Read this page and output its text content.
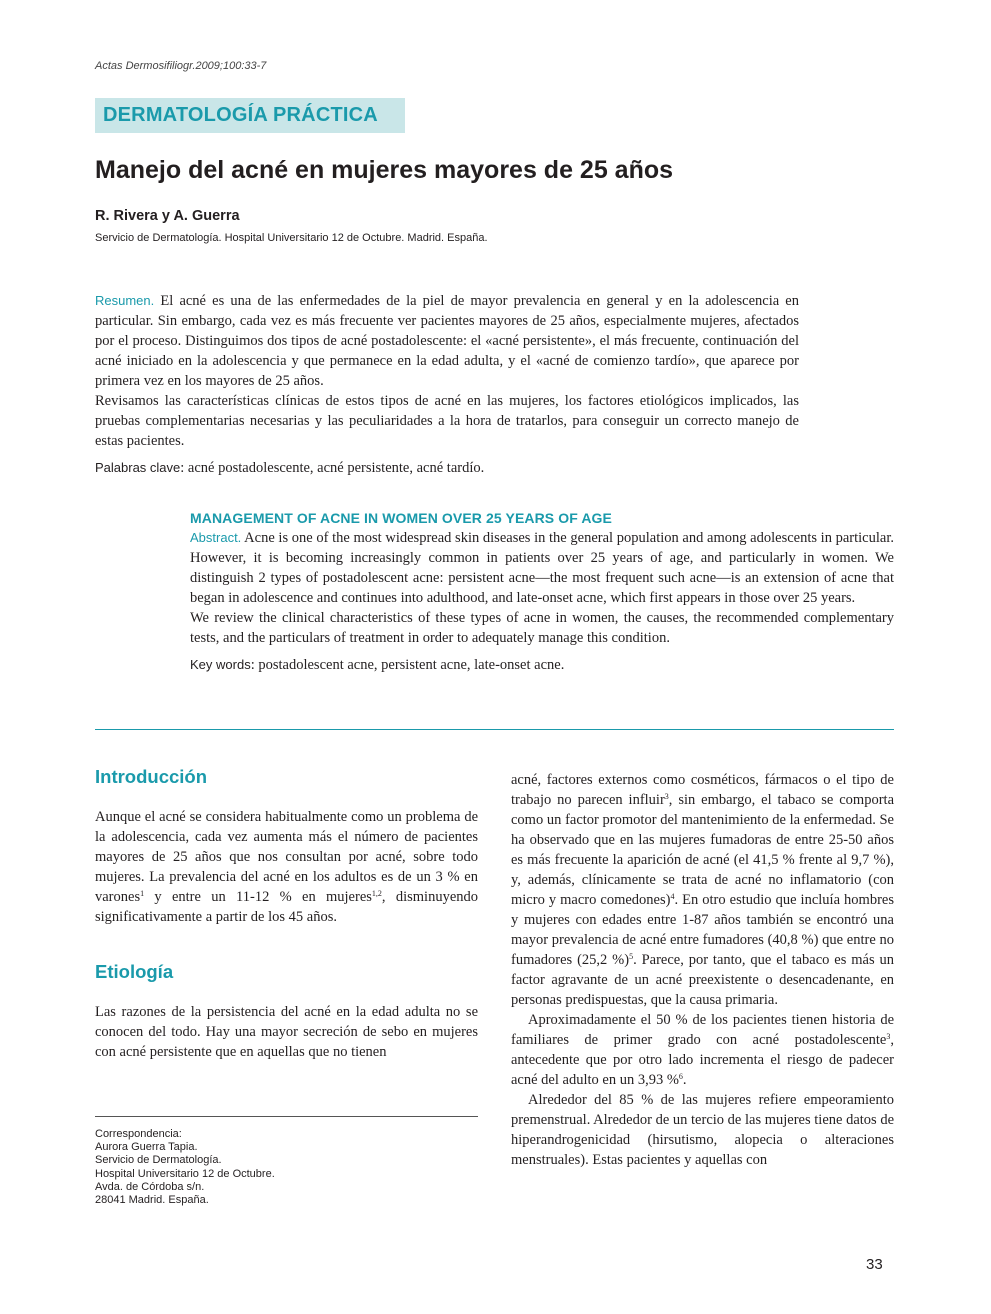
Actas Dermosifiliogr.2009;100:33-7
DERMATOLOGÍA PRÁCTICA
Manejo del acné en mujeres mayores de 25 años
R. Rivera y A. Guerra
Servicio de Dermatología. Hospital Universitario 12 de Octubre. Madrid. España.

Resumen. El acné es una de las enfermedades de la piel de mayor prevalencia en general y en la adolescencia en particular. Sin embargo, cada vez es más frecuente ver pacientes mayores de 25 años, especialmente mujeres, afectados por el proceso. Distinguimos dos tipos de acné postadolescente: el «acné persistente», el más frecuente, continuación del acné iniciado en la adolescencia y que permanece en la edad adulta, y el «acné de comienzo tardío», que aparece por primera vez en los mayores de 25 años.

Revisamos las características clínicas de estos tipos de acné en las mujeres, los factores etiológicos implicados, las pruebas complementarias necesarias y las peculiaridades a la hora de tratarlos, para conseguir un correcto manejo de estas pacientes.

Palabras clave: acné postadolescente, acné persistente, acné tardío.

MANAGEMENT OF ACNE IN WOMEN OVER 25 YEARS OF AGE

Abstract. Acne is one of the most widespread skin diseases in the general population and among adolescents in particular. However, it is becoming increasingly common in patients over 25 years of age, and particularly in women. We distinguish 2 types of postadolescent acne: persistent acne—the most frequent such acne—is an extension of acne that began in adolescence and continues into adulthood, and late-onset acne, which first appears in those over 25 years.

We review the clinical characteristics of these types of acne in women, the causes, the recommended complementary tests, and the particulars of treatment in order to adequately manage this condition.

Key words: postadolescent acne, persistent acne, late-onset acne.

Introducción

Aunque el acné se considera habitualmente como un problema de la adolescencia, cada vez aumenta más el número de pacientes mayores de 25 años que nos consultan por acné, sobre todo mujeres. La prevalencia del acné en los adultos es de un 3 % en varones$^1$ y entre un 11-12 % en mujeres$^{1,2}$, disminuyendo significativamente a partir de los 45 años.

Etiología

Las razones de la persistencia del acné en la edad adulta no se conocen del todo. Hay una mayor secreción de sebo en mujeres con acné persistente que en aquellas que no tienen

acné, factores externos como cosméticos, fármacos o el tipo de trabajo no parecen influir$^3$, sin embargo, el tabaco se comporta como un factor promotor del mantenimiento de la enfermedad. Se ha observado que en las mujeres fumadoras de entre 25-50 años es más frecuente la aparición de acné (el 41,5 % frente al 9,7 %), y, además, clínicamente se trata de acné no inflamatorio (con micro y macro comedones)$^4$. En otro estudio que incluía hombres y mujeres con edades entre 1-87 años también se encontró una mayor prevalencia de acné entre fumadores (40,8 %) que entre no fumadores (25,2 %)$^5$. Parece, por tanto, que el tabaco es más un factor agravante de un acné preexistente o desencadenante, en personas predispuestas, que la causa primaria.

Aproximadamente el 50 % de los pacientes tienen historia de familiares de primer grado con acné postadolescente$^3$, antecedente que por otro lado incrementa el riesgo de padecer acné del adulto en un 3,93 %$^6$.

Alrededor del 85 % de las mujeres refiere empeoramiento premenstrual. Alrededor de un tercio de las mujeres tiene datos de hiperandrogenicidad (hirsutismo, alopecia o alteraciones menstruales). Estas pacientes y aquellas con

Correspondencia:
Aurora Guerra Tapia.
Servicio de Dermatología.
Hospital Universitario 12 de Octubre.
Avda. de Córdoba s/n.
28041 Madrid. España.
33
